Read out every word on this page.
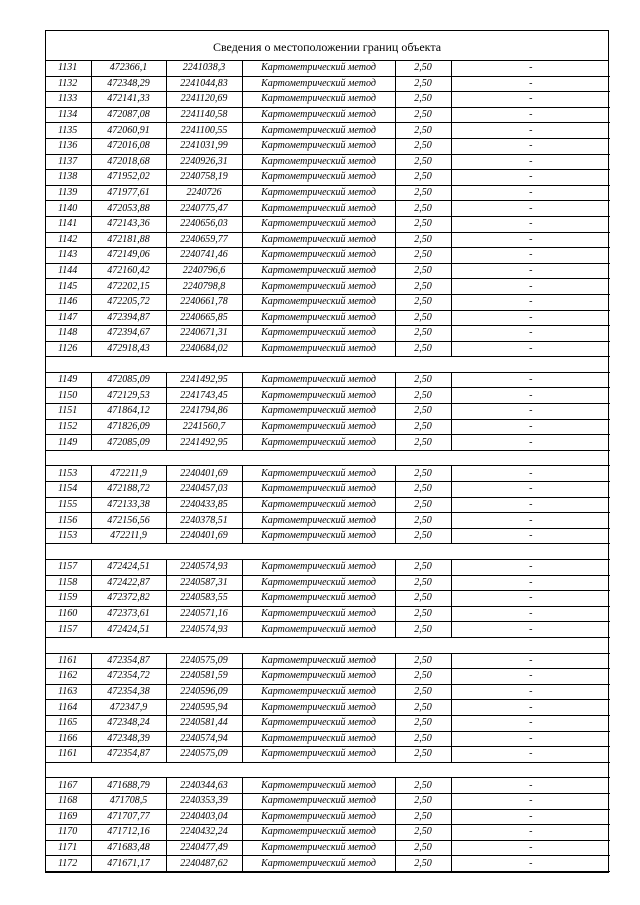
Сведения о местоположении границ объекта
1131	472366,1	2241038,3	Картометрический метод	2,50	-
1132	472348,29	2241044,83	Картометрический метод	2,50	-
1133	472141,33	2241120,69	Картометрический метод	2,50	-
1134	472087,08	2241140,58	Картометрический метод	2,50	-
1135	472060,91	2241100,55	Картометрический метод	2,50	-
1136	472016,08	2241031,99	Картометрический метод	2,50	-
1137	472018,68	2240926,31	Картометрический метод	2,50	-
1138	471952,02	2240758,19	Картометрический метод	2,50	-
1139	471977,61	2240726	Картометрический метод	2,50	-
1140	472053,88	2240775,47	Картометрический метод	2,50	-
1141	472143,36	2240656,03	Картометрический метод	2,50	-
1142	472181,88	2240659,77	Картометрический метод	2,50	-
1143	472149,06	2240741,46	Картометрический метод	2,50	-
1144	472160,42	2240796,6	Картометрический метод	2,50	-
1145	472202,15	2240798,8	Картометрический метод	2,50	-
1146	472205,72	2240661,78	Картометрический метод	2,50	-
1147	472394,87	2240665,85	Картометрический метод	2,50	-
1148	472394,67	2240671,31	Картометрический метод	2,50	-
1126	472918,43	2240684,02	Картометрический метод	2,50	-

1149	472085,09	2241492,95	Картометрический метод	2,50	-
1150	472129,53	2241743,45	Картометрический метод	2,50	-
1151	471864,12	2241794,86	Картометрический метод	2,50	-
1152	471826,09	2241560,7	Картометрический метод	2,50	-
1149	472085,09	2241492,95	Картометрический метод	2,50	-

1153	472211,9	2240401,69	Картометрический метод	2,50	-
1154	472188,72	2240457,03	Картометрический метод	2,50	-
1155	472133,38	2240433,85	Картометрический метод	2,50	-
1156	472156,56	2240378,51	Картометрический метод	2,50	-
1153	472211,9	2240401,69	Картометрический метод	2,50	-

1157	472424,51	2240574,93	Картометрический метод	2,50	-
1158	472422,87	2240587,31	Картометрический метод	2,50	-
1159	472372,82	2240583,55	Картометрический метод	2,50	-
1160	472373,61	2240571,16	Картометрический метод	2,50	-
1157	472424,51	2240574,93	Картометрический метод	2,50	-

1161	472354,87	2240575,09	Картометрический метод	2,50	-
1162	472354,72	2240581,59	Картометрический метод	2,50	-
1163	472354,38	2240596,09	Картометрический метод	2,50	-
1164	472347,9	2240595,94	Картометрический метод	2,50	-
1165	472348,24	2240581,44	Картометрический метод	2,50	-
1166	472348,39	2240574,94	Картометрический метод	2,50	-
1161	472354,87	2240575,09	Картометрический метод	2,50	-

1167	471688,79	2240344,63	Картометрический метод	2,50	-
1168	471708,5	2240353,39	Картометрический метод	2,50	-
1169	471707,77	2240403,04	Картометрический метод	2,50	-
1170	471712,16	2240432,24	Картометрический метод	2,50	-
1171	471683,48	2240477,49	Картометрический метод	2,50	-
1172	471671,17	2240487,62	Картометрический метод	2,50	-
